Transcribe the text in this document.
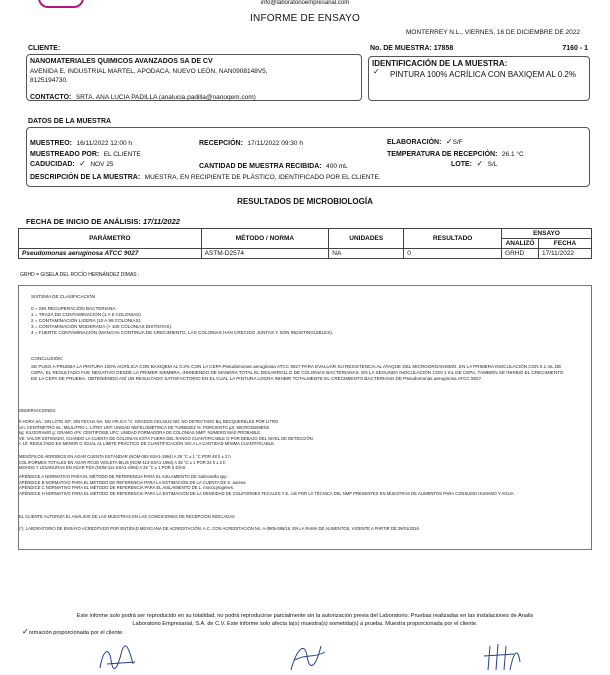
info@laboratorioempresarial.com
INFORME DE ENSAYO
MONTERREY N.L., VIERNES, 16 DE DICIEMBRE DE 2022
CLIENTE:
NANOMATERIALES QUIMICOS AVANZADOS SA DE CV
AVENIDA E, INDUSTRIAL MARTEL, APODACA, NUEVO LEÓN, NAN0908148V5,
8125194730.
CONTACTO: SRTA. ANA LUCIA PADILLA (analucia.padilla@nanoqem.com)
No. DE MUESTRA: 17858	7160 - 1
IDENTIFICACIÓN DE LA MUESTRA:
✓	PINTURA 100% ACRÍLICA CON BAXIQEM AL 0.2%
DATOS DE LA MUESTRA
MUESTREO: 16/11/2022 12:00 h	RECEPCIÓN: 17/11/2022 09:30 h	ELABORACIÓN: ✓S/F
MUESTREADO POR: EL CLIENTE	TEMPERATURA DE RECEPCIÓN: 26.1 °C
CADUCIDAD: ✓ NOV 25	CANTIDAD DE MUESTRA RECIBIDA: 400 mL	LOTE: ✓ S/L
DESCRIPCIÓN DE LA MUESTRA: MUESTRA, EN RECIPIENTE DE PLÁSTICO, IDENTIFICADO POR EL CLIENTE.
RESULTADOS DE MICROBIOLOGÍA
FECHA DE INICIO DE ANÁLISIS: 17/11/2022
PARÁMETRO	MÉTODO / NORMA	UNIDADES	RESULTADO	ENSAYO	
				ANALIZÓ	FECHA
Pseudomonas aeruginosa ATCC 9027	ASTM-D2574	NA	0	GRHD	17/11/2022
GRHD = GISELA DEL ROCÍO HERNÁNDEZ DIMAS ;
SISTEMA DE CLASIFICACIÓN
0 = SIN RECUPERACIÓN BACTERIANA.
1 = TRAZA DE CONTAMINACIÓN (1 A 9 COLONIAS).
2 = CONTAMINACIÓN LIGERA (10 A 99 COLONIAS).
3 = CONTAMINACIÓN MODERADA (> 100 COLONIAS DISTINTAS).
4 = FUERTE CONTAMINACIÓN (MANCHA CONTINUA DE CRECIMIENTO, LAS COLONIAS HAN CRECIDO JUNTAS Y SON INDISTINGUIBLES).
CONCLUSIÓN:
SE PUSO A PRUEBA LA PINTURA 100% ACRÍLICA CON BAXIQEM AL 0.2% CON LA CEPA Pseudomonas aeruginosa ATCC 9027 PARA EVALUAR SU RESISTENCIA AL ATAQUE DEL MICROORGANISMO. EN LA PRIMERA INOCULACIÓN CON 0.1 mL DE CEPA, EL RESULTADO FUE NEGATIVO DESDE LA PRIMER SIEMBRA, INHIBIENDO DE MANERA TOTAL EL DESARROLLO DE COLONIAS BACTERIANAS. EN LA SEGUNDA INOCULACIÓN CON 1 mL DE CEPA, TAMBIÉN SE INHIBIÓ EL CRECIMIENTO DE LA CEPA DE PRUEBA, OBTENIENDO ASÍ UN RESULTADO SATISFACTORIO EN EL CUAL LA PINTURA LOGRA INHIBIR TOTALMENTE EL CRECIMIENTO BACTERIANO DE Pseudomonas aeruginosa ATCC 9027.
OBSERVACIONES:
h:HORA S/L: SIN LOTE S/F: SIN FECHA NA: NO APLICA °C: GRADOS CELSIUS ND: NO DETECTADO Bq: BECQUERELES POR LITRO
cm: CENTÍMETRO mL: MILILITRO L: LITRO UNT: UNIDAD NEFELOMÉTRICA DE TURBIDEZ %: PORCIENTO µS: MICROSIEMENS
kg: KILOGRAMO g: GRAMO cPs: CENTIPOISE UFC: UNIDAD FORMADORA DE COLONIAS NMP: NÚMERO MÁS PROBABLE
VE: VALOR ESTIMADO, CUANDO LA CUENTA DE COLONIAS ESTÁ FUERA DEL RANGO CUANTIFICABLE O POR DEBAJO DEL NIVEL DE DETECCIÓN
< 10: RESULTADO ES MENOR O IGUAL AL LÍMITE PRÁCTICO DE CUANTIFICACIÓN VIO A LA CANTIDAD MÍNIMA CUANTIFICABLE.
MESÓFILOS AEROBIOS EN AGAR CUENTA ESTÁNDAR (NOM-092-SSA1-1994) A 35 °C ± 1 °C POR 48 h ± 2 h
COLIFORMES TOTALES EN AGAR ROJO VIOLETA BILIS (NOM-113-SSA1-1994) A 35 °C ± 1 POR 24 h ± 2 h
MOHOS Y LEVADURAS EN AGAR PDA (NOM-111-SSA1-1994) A 25 °C ± 1 POR 5 DÍAS
APÉNDICE A NORMATIVO PARA EL MÉTODO DE REFERENCIA PARA EL AISLAMIENTO DE Salmonella spp.
APÉNDICE B NORMATIVO PARA EL MÉTODO DE REFERENCIA PARA LA ESTIMACIÓN DE LA CUENTA DE S. aureus.
APÉNDICE C NORMATIVO PARA EL MÉTODO DE REFERENCIA PARA EL AISLAMIENTO DE L. monocytogenes.
APÉNDICE H NORMATIVO PARA EL MÉTODO DE REFERENCIA PARA LA ESTIMACIÓN DE LA DENSIDAD DE COLIFORMES FECALES Y E. coli POR LA TÉCNICA DEL NMP PRESENTES EN MUESTRAS DE ALIMENTOS PARA CONSUMO HUMANO Y AGUA.
EL CLIENTE AUTORIZA EL ANÁLISIS DE LAS MUESTRAS EN LAS CONDICIONES DE RECEPCIÓN INDICADAS
(*), LABORATORIO DE ENSAYO ACREDITADO POR ENTIDAD MEXICANA DE ACREDITACIÓN, A.C. CON ACREDITACIÓN No. A-0905-086/16, EN LA RAMA DE ALIMENTOS, VIGENTE A PARTIR DE 29/01/2016.
Este informe solo podrá ser reproducido en su totalidad, no podrá reproducirse parcialmente sin la autorización previa del Laboratorio. Pruebas realizadas en las instalaciones de Analis
Laboratorio Empresarial, S.A. de C.V. Este informe solo afecta la(s) muestra(s) sometida(s) a prueba. Muestra proporcionada por el cliente.
✓ormación proporcionada por el cliente.
